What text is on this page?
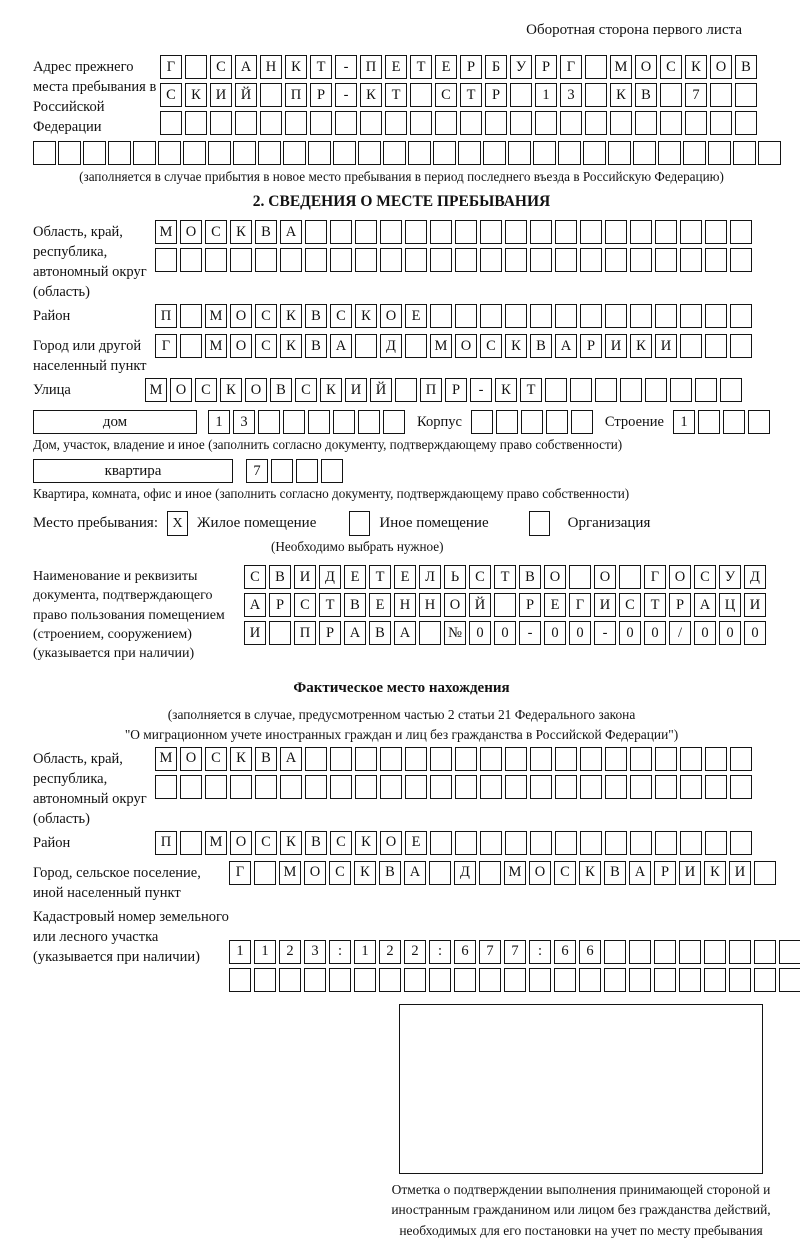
Оборотная сторона первого листа
Адрес прежнего места пребывания в Российской Федерации
Г	С	А	Н	К	Т	-	П	Е	Т	Е	Р	Б	У	Р	Г	М О	С	К	О	В
С	К	И	Й	П	Р	-	К	Т	С	Т	Р	1	3	К	В	7
(заполняется в случае прибытия в новое место пребывания в период последнего въезда в Российскую Федерацию)
2. СВЕДЕНИЯ О МЕСТЕ ПРЕБЫВАНИЯ
Область, край, республика, автономный округ (область)
М О	С	К	В	А
Район	П	М О	С	К	В	С	К	О	Е
Город или другой населенный пункт
Г	М О	С	К	В	А	Д	М О	С	К	В	А	Р	И	К	И
Улица	М О	С	К	О	В	С	К	И	Й	П	Р	-	К	Т
дом	1	3	Корпус	Строение	1
Дом, участок, владение и иное (заполнить согласно документу, подтверждающему право собственности)
квартира	7
Квартира, комната, офис и иное (заполнить согласно документу, подтверждающему право собственности)
Место пребывания:	X Жилое помещение	Иное помещение	Организация
(Необходимо выбрать нужное)
Наименование и реквизиты документа, подтверждающего право пользования помещением (строением, сооружением) (указывается при наличии)
С	В	И	Д	Е	Т	Е	Л	Ь	С	Т	В	О	О	Г	О	С	У	Д
А	Р	С	Т	В	Е	Н	Н	О	Й	Р	Е	Г	И	С	Т	Р	А	Ц	И
И	П	Р	А	В	А	№ 0	0	-	0	0	-	0	0	/	0	0	0
Фактическое место нахождения
(заполняется в случае, предусмотренном частью 2 статьи 21 Федерального закона
"О миграционном учете иностранных граждан и лиц без гражданства в Российской Федерации")
Область, край, республика, автономный округ (область)
М О	С	К	В	А
Район	П	М О	С	К	В	С	К	О	Е
Город, сельское поселение, иной населенный пункт
Г	М О	С	К	В	А	Д	М О	С	К	В	А	Р	И	К	И
Кадастровый номер земельного или лесного участка (указывается при наличии)	1	1	2	3	:	1	2	2	:	6	7	7	:	6	6
Отметка о подтверждении выполнения принимающей стороной и иностранным гражданином или лицом без гражданства действий, необходимых для его постановки на учет по месту пребывания
